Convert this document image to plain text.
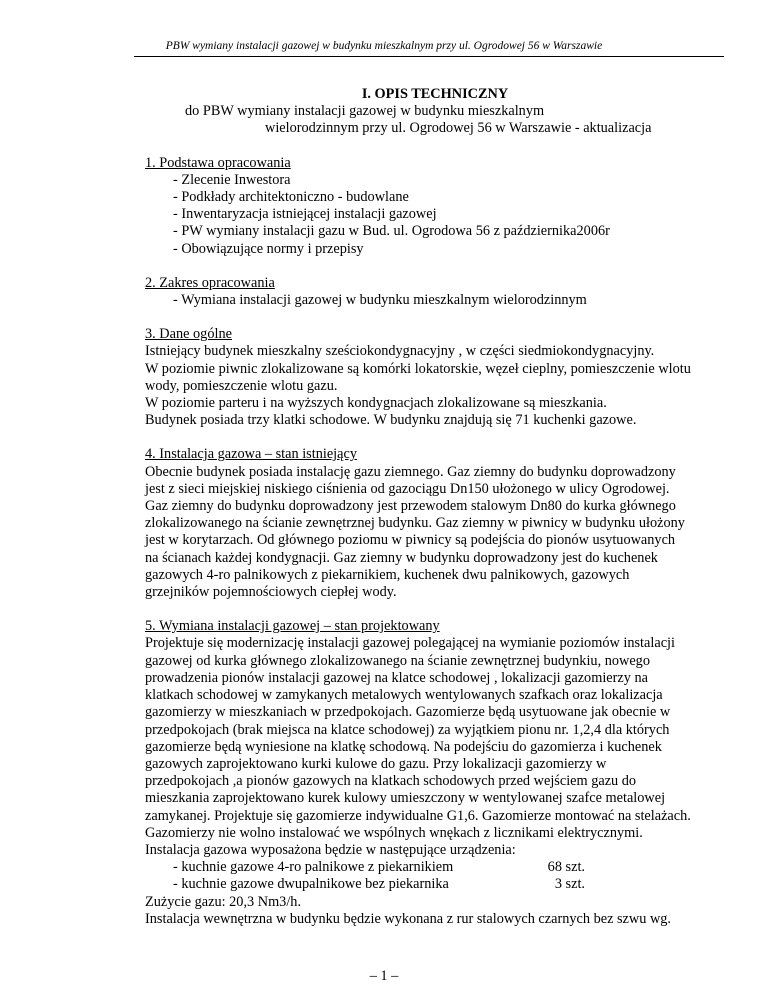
PBW wymiany instalacji gazowej w budynku mieszkalnym przy ul. Ogrodowej 56 w Warszawie
I. OPIS TECHNICZNY
do PBW wymiany instalacji gazowej w budynku mieszkalnym
wielorodzinnym przy ul. Ogrodowej 56 w Warszawie - aktualizacja
1. Podstawa opracowania
- Zlecenie Inwestora
- Podkłady architektoniczno - budowlane
- Inwentaryzacja istniejącej instalacji gazowej
- PW wymiany instalacji gazu w Bud. ul. Ogrodowa 56 z października2006r
- Obowiązujące normy i przepisy
2. Zakres opracowania
- Wymiana instalacji gazowej w budynku mieszkalnym wielorodzinnym
3. Dane ogólne
Istniejący budynek mieszkalny sześciokondygnacyjny , w części siedmiokondygnacyjny.
W poziomie piwnic zlokalizowane są komórki lokatorskie, węzeł cieplny, pomieszczenie wlotu
wody, pomieszczenie wlotu gazu.
W poziomie parteru i na wyższych kondygnacjach zlokalizowane są mieszkania.
Budynek posiada trzy klatki schodowe. W budynku znajdują się 71 kuchenki gazowe.
4. Instalacja gazowa – stan istniejący
Obecnie budynek posiada instalację gazu ziemnego. Gaz ziemny do budynku doprowadzony
jest z sieci miejskiej niskiego ciśnienia od gazociągu Dn150 ułożonego w ulicy Ogrodowej.
Gaz ziemny do budynku doprowadzony jest przewodem stalowym Dn80 do kurka głównego
zlokalizowanego na ścianie zewnętrznej budynku. Gaz ziemny w piwnicy w budynku ułożony
jest w korytarzach. Od głównego poziomu w piwnicy są podejścia do pionów usytuowanych
na ścianach każdej kondygnacji. Gaz ziemny w budynku doprowadzony jest do kuchenek
gazowych 4-ro palnikowych z piekarnikiem, kuchenek dwu palnikowych, gazowych
grzejników pojemnościowych ciepłej wody.
5. Wymiana instalacji gazowej – stan projektowany
Projektuje się modernizację instalacji gazowej polegającej na wymianie poziomów instalacji
gazowej od kurka głównego zlokalizowanego na ścianie zewnętrznej budynkiu, nowego
prowadzenia pionów instalacji gazowej na klatce schodowej , lokalizacji gazomierzy na
klatkach schodowej w zamykanych metalowych wentylowanych szafkach oraz lokalizacja
gazomierzy w mieszkaniach w przedpokojach. Gazomierze będą usytuowane jak obecnie w
przedpokojach (brak miejsca na klatce schodowej) za wyjątkiem pionu nr. 1,2,4 dla których
gazomierze będą wyniesione na klatkę schodową. Na podejściu do gazomierza i kuchenek
gazowych zaprojektowano kurki kulowe do gazu. Przy lokalizacji gazomierzy w
przedpokojach ,a pionów gazowych na klatkach schodowych przed wejściem gazu do
mieszkania zaprojektowano kurek kulowy umieszczony w wentylowanej szafce metalowej
zamykanej. Projektuje się gazomierze indywidualne G1,6. Gazomierze montować na stelażach.
Gazomierzy nie wolno instalować we wspólnych wnękach z licznikami elektrycznymi.
Instalacja gazowa wyposażona będzie w następujące urządzenia:
- kuchnie gazowe 4-ro palnikowe z piekarnikiem	68 szt.
- kuchnie gazowe dwupalnikowe bez piekarnika	3 szt.
Zużycie gazu: 20,3 Nm3/h.
Instalacja wewnętrzna w budynku będzie wykonana z rur stalowych czarnych bez szwu wg.
– 1 –
